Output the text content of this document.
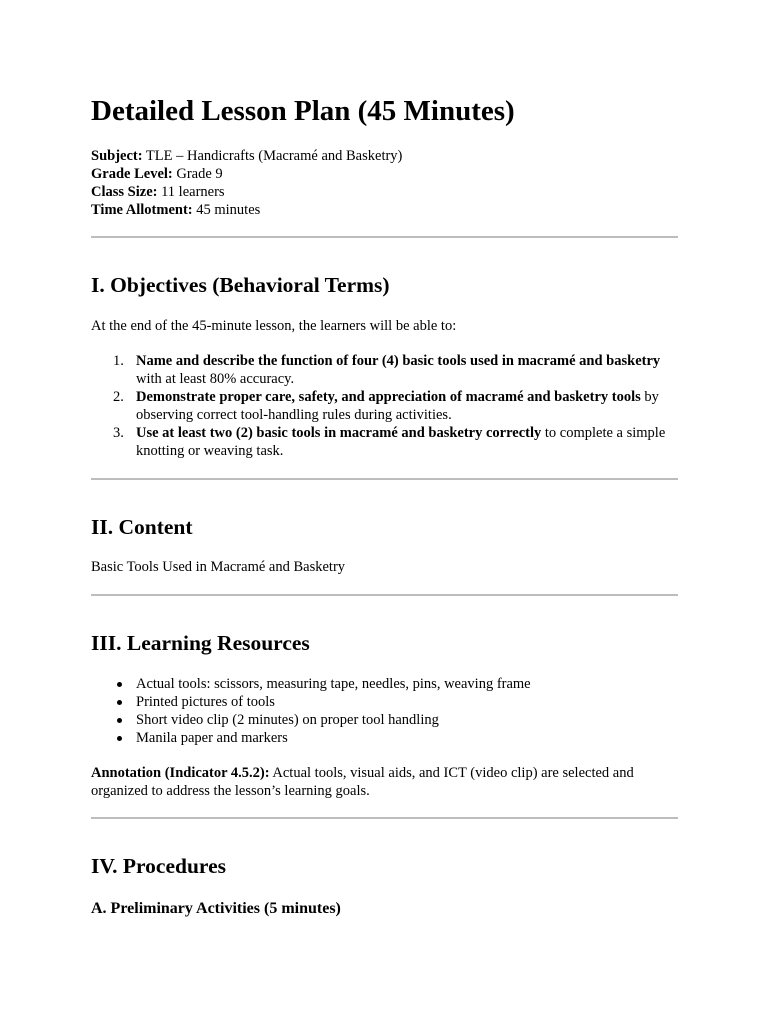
Detailed Lesson Plan (45 Minutes)
Subject: TLE – Handicrafts (Macramé and Basketry)
Grade Level: Grade 9
Class Size: 11 learners
Time Allotment: 45 minutes
I. Objectives (Behavioral Terms)

At the end of the 45-minute lesson, the learners will be able to:

1. Name and describe the function of four (4) basic tools used in macramé and basketry with at least 80% accuracy.
2. Demonstrate proper care, safety, and appreciation of macramé and basketry tools by observing correct tool-handling rules during activities.
3. Use at least two (2) basic tools in macramé and basketry correctly to complete a simple knotting or weaving task.
II. Content

Basic Tools Used in Macramé and Basketry

III. Learning Resources
Actual tools: scissors, measuring tape, needles, pins, weaving frame
Printed pictures of tools
Short video clip (2 minutes) on proper tool handling
Manila paper and markers

Annotation (Indicator 4.5.2): Actual tools, visual aids, and ICT (video clip) are selected and organized to address the lesson’s learning goals.

IV. Procedures
A. Preliminary Activities (5 minutes)
